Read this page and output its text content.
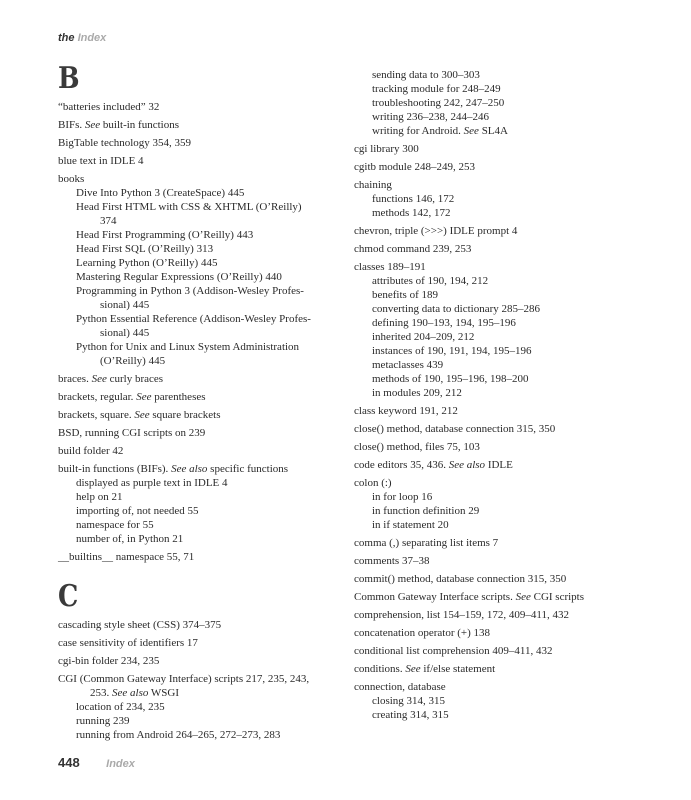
the Index
B

“batteries included” 32

BIFs. See built-in functions

BigTable technology 354, 359

blue text in IDLE 4

books

Dive Into Python 3 (CreateSpace) 445

Head First HTML with CSS & XHTML (O’Reilly)

374

Head First Programming (O’Reilly) 443

Head First SQL (O’Reilly) 313

Learning Python (O’Reilly) 445

Mastering Regular Expressions (O’Reilly) 440

Programming in Python 3 (Addison-Wesley Profes-

sional) 445

Python Essential Reference (Addison-Wesley Profes-

sional) 445

Python for Unix and Linux System Administration

(O’Reilly) 445

braces. See curly braces

brackets, regular. See parentheses

brackets, square. See square brackets

BSD, running CGI scripts on 239

build folder 42

built-in functions (BIFs). See also specific functions

displayed as purple text in IDLE 4

help on 21

importing of, not needed 55

namespace for 55

number of, in Python 21

__builtins__ namespace 55, 71

C

cascading style sheet (CSS) 374–375

case sensitivity of identifiers 17

cgi-bin folder 234, 235

CGI (Common Gateway Interface) scripts 217, 235, 243,

253. See also WSGI

location of 234, 235

running 239

running from Android 264–265, 272–273, 283

sending data to 300–303

tracking module for 248–249

troubleshooting 242, 247–250

writing 236–238, 244–246

writing for Android. See SL4A

cgi library 300

cgitb module 248–249, 253

chaining

functions 146, 172

methods 142, 172

chevron, triple (>>>) IDLE prompt 4

chmod command 239, 253

classes 189–191

attributes of 190, 194, 212

benefits of 189

converting data to dictionary 285–286

defining 190–193, 194, 195–196

inherited 204–209, 212

instances of 190, 191, 194, 195–196

metaclasses 439

methods of 190, 195–196, 198–200

in modules 209, 212

class keyword 191, 212

close() method, database connection 315, 350

close() method, files 75, 103

code editors 35, 436. See also IDLE

colon (:)

in for loop 16

in function definition 29

in if statement 20

comma (,) separating list items 7

comments 37–38

commit() method, database connection 315, 350

Common Gateway Interface scripts. See CGI scripts

comprehension, list 154–159, 172, 409–411, 432

concatenation operator (+) 138

conditional list comprehension 409–411, 432

conditions. See if/else statement

connection, database

closing 314, 315

creating 314, 315

448 Index
